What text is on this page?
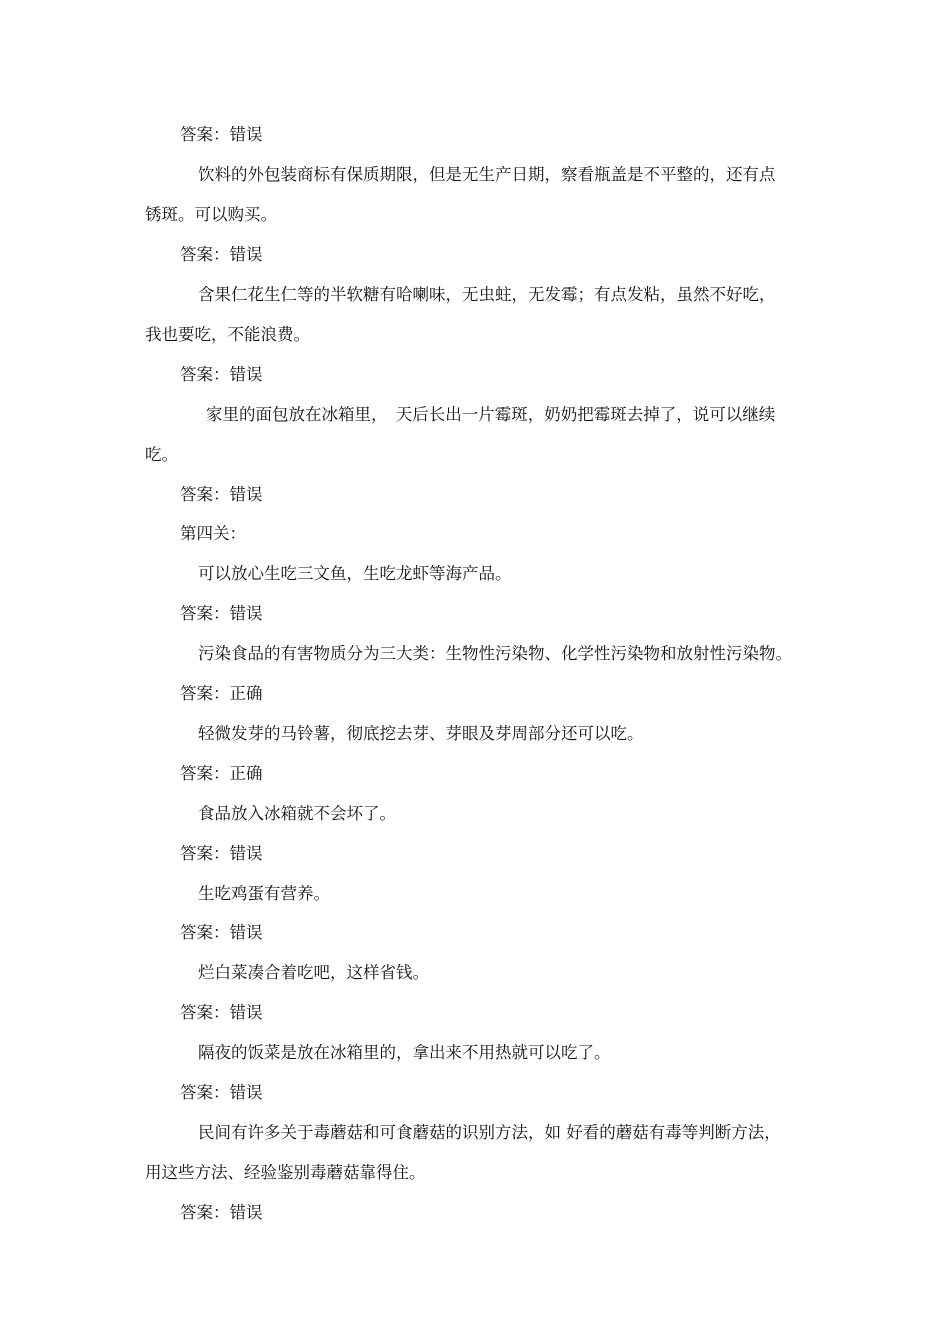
答案：错误
饮料的外包装商标有保质期限，但是无生产日期，察看瓶盖是不平整的，还有点
锈斑。可以购买。
答案：错误
含果仁花生仁等的半软糖有哈喇味，无虫蛀，无发霉；有点发粘，虽然不好吃，
我也要吃，不能浪费。
答案：错误
家里的面包放在冰箱里，　天后长出一片霉斑，奶奶把霉斑去掉了，说可以继续
吃。
答案：错误
第四关：
可以放心生吃三文鱼，生吃龙虾等海产品。
答案：错误
污染食品的有害物质分为三大类：生物性污染物、化学性污染物和放射性污染物。
答案：正确
轻微发芽的马铃薯，彻底挖去芽、芽眼及芽周部分还可以吃。
答案：正确
食品放入冰箱就不会坏了。
答案：错误
生吃鸡蛋有营养。
答案：错误
烂白菜凑合着吃吧，这样省钱。
答案：错误
隔夜的饭菜是放在冰箱里的，拿出来不用热就可以吃了。
答案：错误
民间有许多关于毒蘑菇和可食蘑菇的识别方法，如 好看的蘑菇有毒等判断方法，
用这些方法、经验鉴别毒蘑菇靠得住。
答案：错误
